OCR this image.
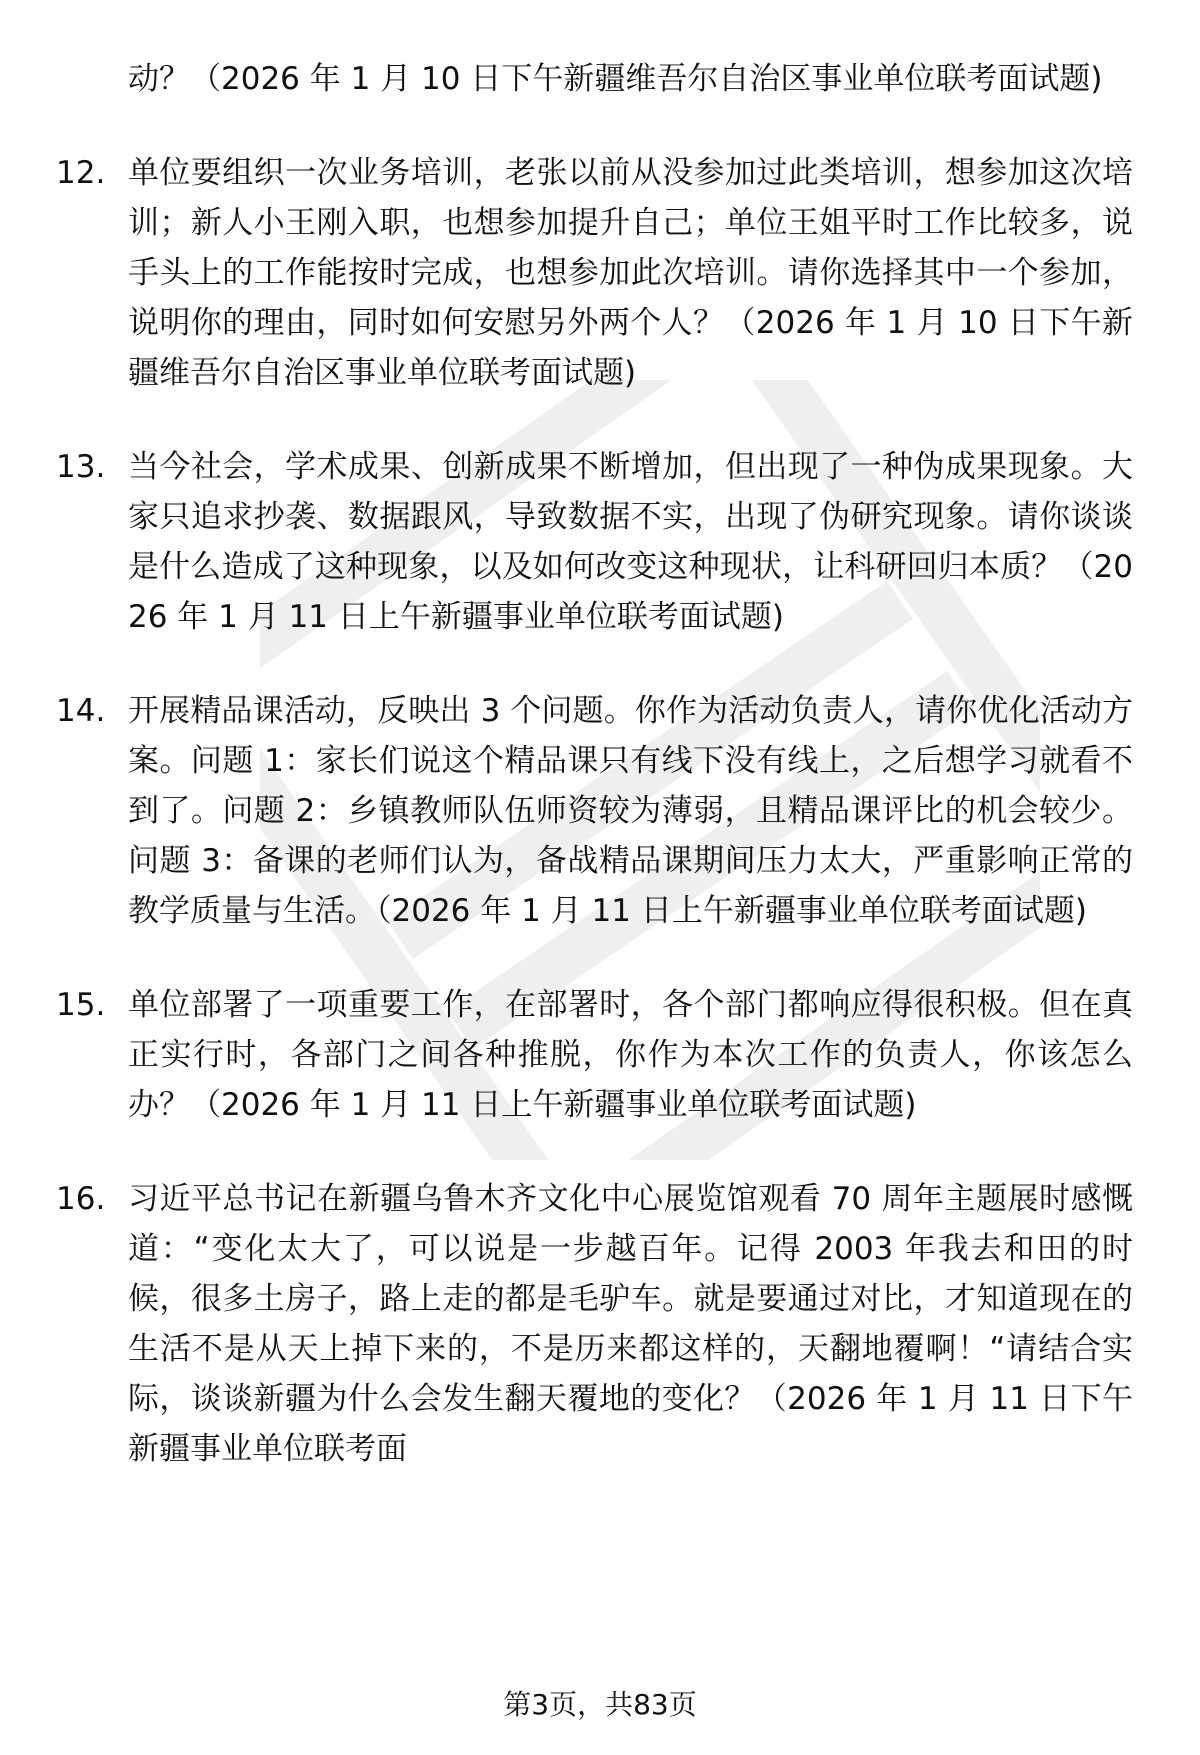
动？（2026 年 1 月 10 日下午新疆维吾尔自治区事业单位联考面试题)
12. 单位要组织一次业务培训，老张以前从没参加过此类培训，想参加这次培训；新人小王刚入职，也想参加提升自己；单位王姐平时工作比较多，说手头上的工作能按时完成，也想参加此次培训。请你选择其中一个参加，说明你的理由，同时如何安慰另外两个人？（2026 年 1 月 10 日下午新疆维吾尔自治区事业单位联考面试题)
13. 当今社会，学术成果、创新成果不断增加，但出现了一种伪成果现象。大家只追求抄袭、数据跟风，导致数据不实，出现了伪研究现象。请你谈谈是什么造成了这种现象，以及如何改变这种现状，让科研回归本质？（2026 年 1 月 11 日上午新疆事业单位联考面试题)
14. 开展精品课活动，反映出 3 个问题。你作为活动负责人，请你优化活动方案。问题 1：家长们说这个精品课只有线下没有线上，之后想学习就看不到了。问题 2：乡镇教师队伍师资较为薄弱，且精品课评比的机会较少。问题 3：备课的老师们认为，备战精品课期间压力太大，严重影响正常的教学质量与生活。（2026 年 1 月 11 日上午新疆事业单位联考面试题)
15. 单位部署了一项重要工作，在部署时，各个部门都响应得很积极。但在真正实行时，各部门之间各种推脱，你作为本次工作的负责人，你该怎么办？（2026 年 1 月 11 日上午新疆事业单位联考面试题)
16. 习近平总书记在新疆乌鲁木齐文化中心展览馆观看 70 周年主题展时感慨道：“变化太大了，可以说是一步越百年。记得 2003 年我去和田的时候，很多土房子，路上走的都是毛驴车。就是要通过对比，才知道现在的生活不是从天上掉下来的，不是历来都这样的，天翻地覆啊！“请结合实际，谈谈新疆为什么会发生翻天覆地的变化？（2026 年 1 月 11 日下午新疆事业单位联考面
第3页，共83页
